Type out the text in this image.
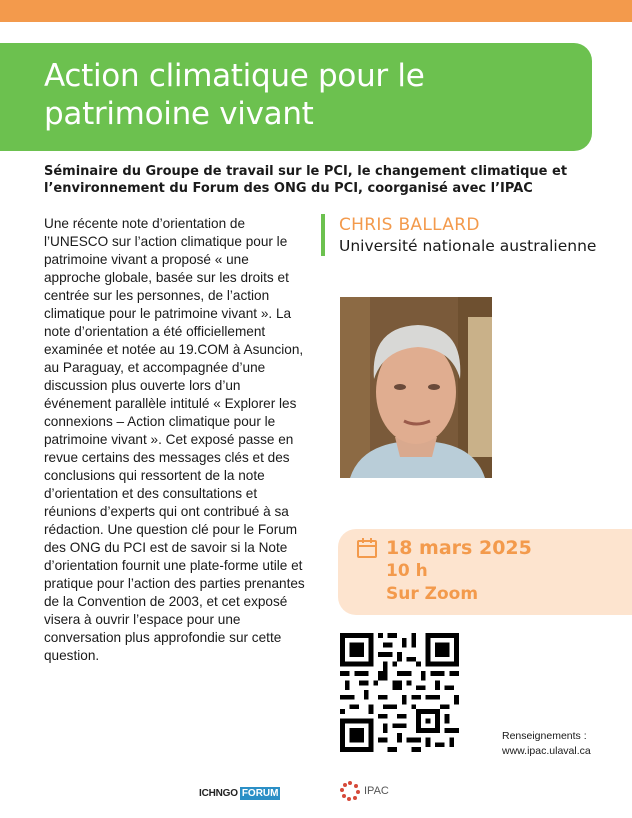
Action climatique pour le patrimoine vivant

Séminaire du Groupe de travail sur le PCI, le changement climatique et l’environnement du Forum des ONG du PCI, coorganisé avec l’IPAC

Une récente note d’orientation de l’UNESCO sur l’action climatique pour le patrimoine vivant a proposé « une approche globale, basée sur les droits et centrée sur les personnes, de l’action climatique pour le patrimoine vivant ». La note d’orientation a été officiellement examinée et notée au 19.COM à Asuncion, au Paraguay, et accompagnée d’une discussion plus ouverte lors d’un événement parallèle intitulé « Explorer les connexions – Action climatique pour le patrimoine vivant ». Cet exposé passe en revue certains des messages clés et des conclusions qui ressortent de la note d’orientation et des consultations et réunions d’experts qui ont contribué à sa rédaction. Une question clé pour le Forum des ONG du PCI est de savoir si la Note d’orientation fournit une plate-forme utile et pratique pour l’action des parties prenantes de la Convention de 2003, et cet exposé visera à ouvrir l’espace pour une conversation plus approfondie sur cette question.

CHRIS BALLARD
Université nationale australienne
18 mars 2025
10 h
Sur Zoom
Renseignements :
www.ipac.ulaval.ca
ICHNGO FORUM	IPAC
